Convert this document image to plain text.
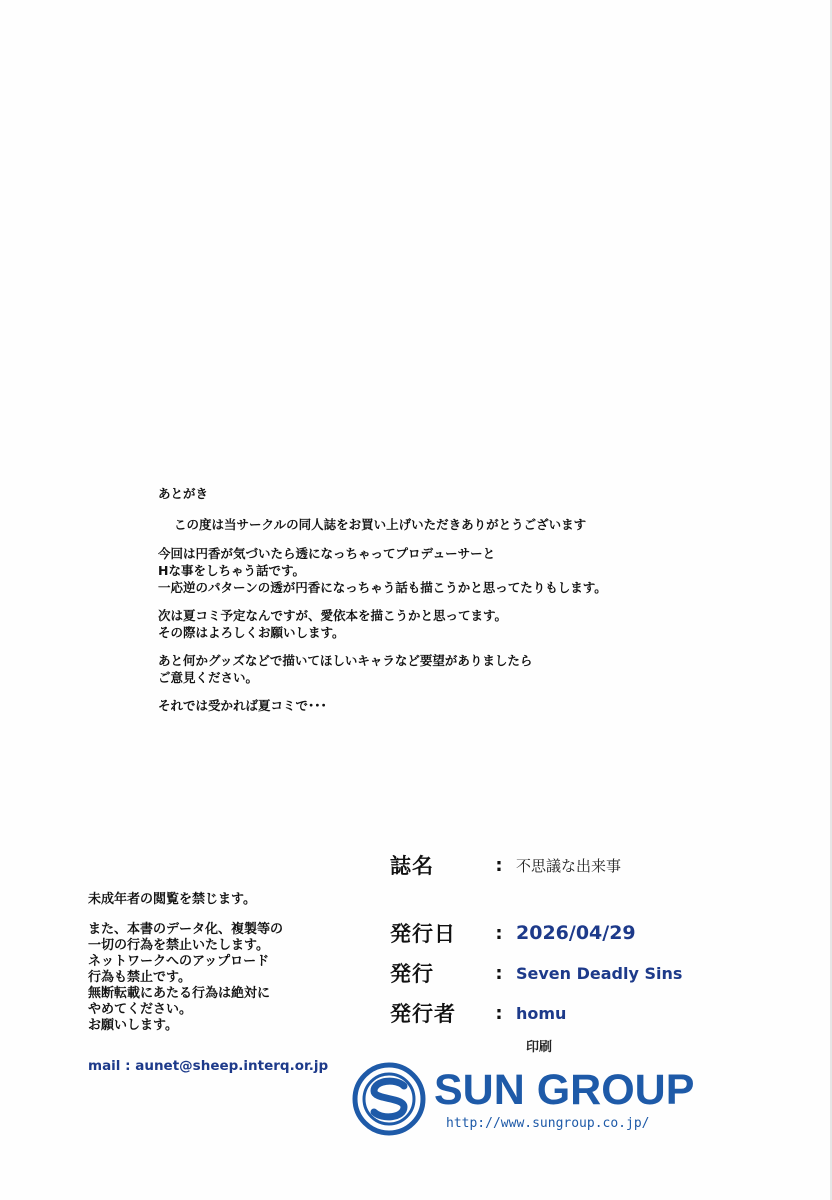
あとがき

この度は当サークルの同人誌をお買い上げいただきありがとうございます

今回は円香が気づいたら透になっちゃってプロデューサーと
Hな事をしちゃう話です。
一応逆のパターンの透が円香になっちゃう話も描こうかと思ってたりもします。

次は夏コミ予定なんですが、愛依本を描こうかと思ってます。
その際はよろしくお願いします。

あと何かグッズなどで描いてほしいキャラなど要望がありましたら
ご意見ください。

それでは受かれば夏コミで･･･

誌名	: 不思議な出来事
発行日	: 2026/04/29
発行	: Seven Deadly Sins
発行者	: homu
印刷

未成年者の閲覧を禁じます。

また、本書のデータ化、複製等の
一切の行為を禁止いたします。
ネットワークへのアップロード
行為も禁止です。
無断転載にあたる行為は絶対に
やめてください。
お願いします。

mail : aunet@sheep.interq.or.jp SUN GROUP
http://www.sungroup.co.jp/
